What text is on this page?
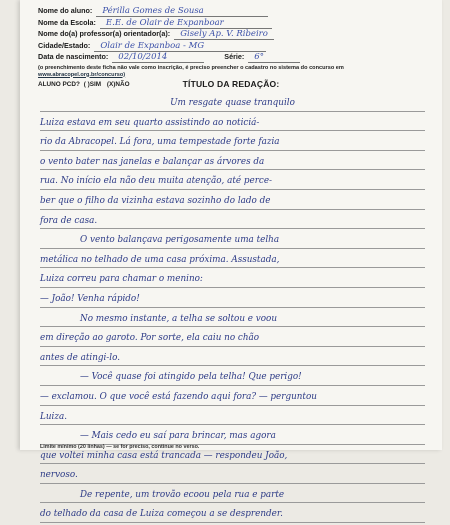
Nome do aluno:	Périlla Gomes de Sousa
Nome da Escola:	E.E. de Olair de Expanboar
Nome do(a) professor(a) orientador(a):	Gisely Ap. V. Ribeiro
Cidade/Estado:	Olair de Expanboa - MG
Data de nascimento:	02/10/2014	Série:	6°
(o preenchimento deste ficha não vale como inscrição, é preciso preencher o cadastro no sistema do concurso em www.abracopel.org.br/concurso)
ALUNO PCD? ( )SIM (X)NÃO	TÍTULO DA REDAÇÃO:
Um resgate quase tranquilo
Luiza estava em seu quarto assistindo ao noticiá-
rio da Abracopel. Lá fora, uma tempestade forte fazia
o vento bater nas janelas e balançar as árvores da
rua. No início ela não deu muita atenção, até perce-
ber que o filho da vizinha estava sozinho do lado de
fora de casa.
O vento balançava perigosamente uma telha
metálica no telhado de uma casa próxima. Assustada,
Luiza correu para chamar o menino:
— João! Venha rápido!
No mesmo instante, a telha se soltou e voou
em direção ao garoto. Por sorte, ela caiu no chão
antes de atingi-lo.
— Você quase foi atingido pela telha! Que perigo!
— exclamou. O que você está fazendo aqui fora? — perguntou
Luiza.
— Mais cedo eu saí para brincar, mas agora
que voltei minha casa está trancada — respondeu João,
nervoso.
De repente, um trovão ecoou pela rua e parte
do telhado da casa de Luiza começou a se desprender.
Limite mínimo (20 linhas) — se for preciso, continue no verso.
